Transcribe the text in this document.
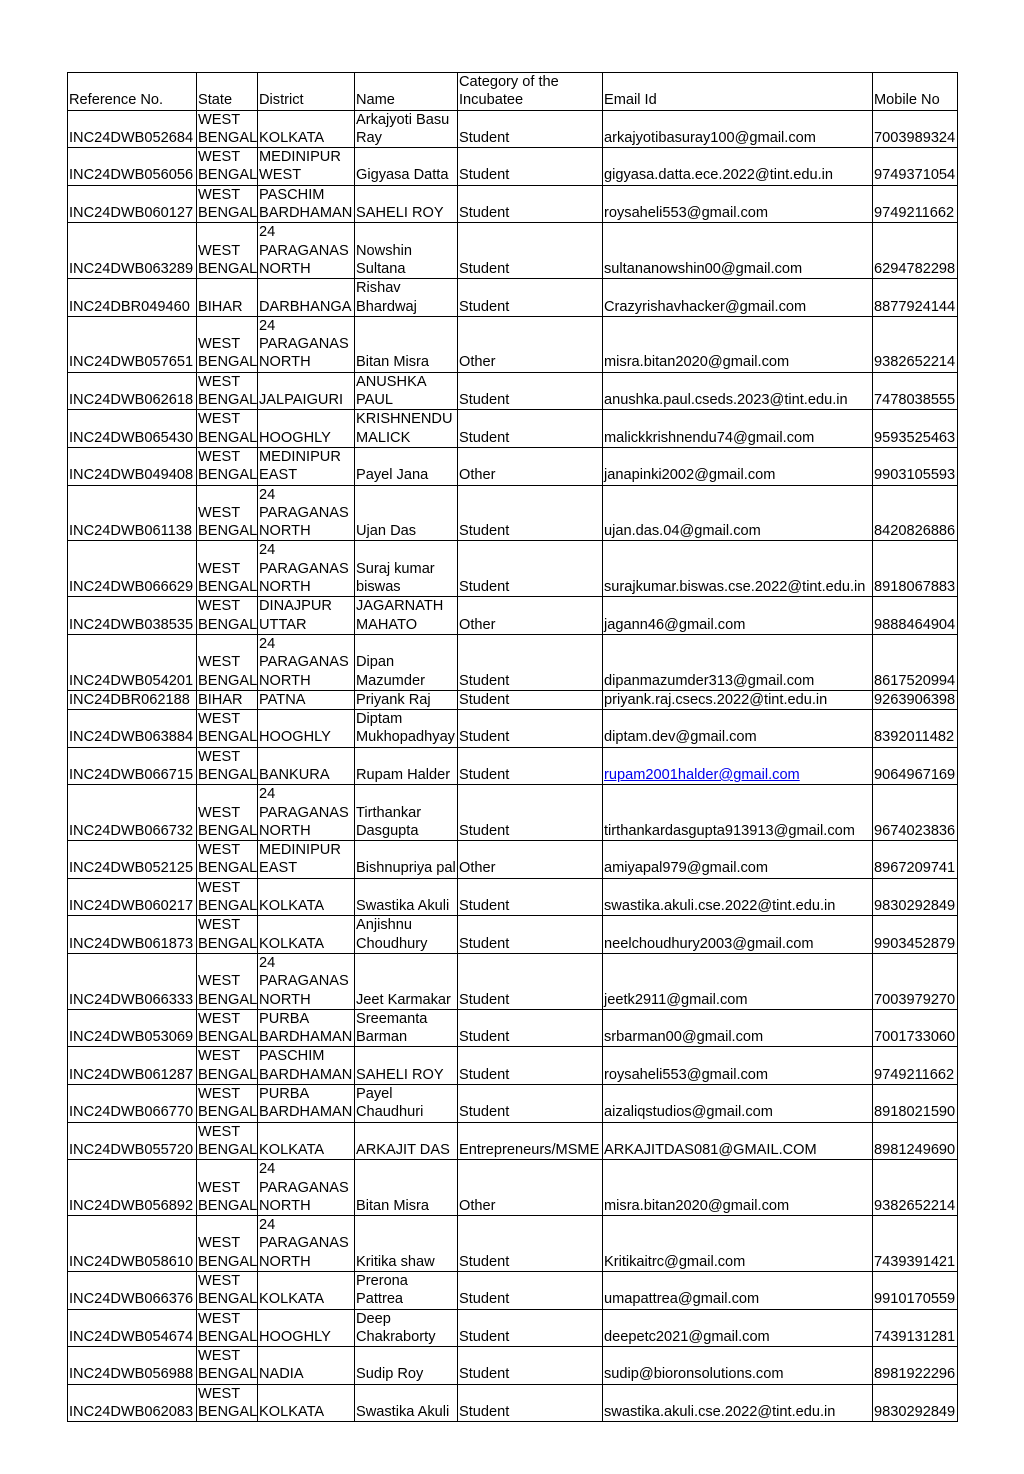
Reference No.	State	District	Name	Category of the Incubatee	Email Id	Mobile No
INC24DWB052684	WEST BENGAL	KOLKATA	Arkajyoti Basu Ray	Student	arkajyotibasuray100@gmail.com	7003989324
INC24DWB056056	WEST BENGAL	MEDINIPUR WEST	Gigyasa Datta	Student	gigyasa.datta.ece.2022@tint.edu.in	9749371054
INC24DWB060127	WEST BENGAL	PASCHIM BARDHAMAN	SAHELI ROY	Student	roysaheli553@gmail.com	9749211662
INC24DWB063289	WEST BENGAL	24 PARAGANAS NORTH	Nowshin Sultana	Student	sultananowshin00@gmail.com	6294782298
INC24DBR049460	BIHAR	DARBHANGA	Rishav Bhardwaj	Student	Crazyrishavhacker@gmail.com	8877924144
INC24DWB057651	WEST BENGAL	24 PARAGANAS NORTH	Bitan Misra	Other	misra.bitan2020@gmail.com	9382652214
INC24DWB062618	WEST BENGAL	JALPAIGURI	ANUSHKA PAUL	Student	anushka.paul.cseds.2023@tint.edu.in	7478038555
INC24DWB065430	WEST BENGAL	HOOGHLY	KRISHNENDU MALICK	Student	malickkrishnendu74@gmail.com	9593525463
INC24DWB049408	WEST BENGAL	MEDINIPUR EAST	Payel Jana	Other	janapinki2002@gmail.com	9903105593
INC24DWB061138	WEST BENGAL	24 PARAGANAS NORTH	Ujan Das	Student	ujan.das.04@gmail.com	8420826886
INC24DWB066629	WEST BENGAL	24 PARAGANAS NORTH	Suraj kumar biswas	Student	surajkumar.biswas.cse.2022@tint.edu.in	8918067883
INC24DWB038535	WEST BENGAL	DINAJPUR UTTAR	JAGARNATH MAHATO	Other	jagann46@gmail.com	9888464904
INC24DWB054201	WEST BENGAL	24 PARAGANAS NORTH	Dipan Mazumder	Student	dipanmazumder313@gmail.com	8617520994
INC24DBR062188	BIHAR	PATNA	Priyank Raj	Student	priyank.raj.csecs.2022@tint.edu.in	9263906398
INC24DWB063884	WEST BENGAL	HOOGHLY	Diptam Mukhopadhyay	Student	diptam.dev@gmail.com	8392011482
INC24DWB066715	WEST BENGAL	BANKURA	Rupam Halder	Student	rupam2001halder@gmail.com	9064967169
INC24DWB066732	WEST BENGAL	24 PARAGANAS NORTH	Tirthankar Dasgupta	Student	tirthankardasgupta913913@gmail.com	9674023836
INC24DWB052125	WEST BENGAL	MEDINIPUR EAST	Bishnupriya pal	Other	amiyapal979@gmail.com	8967209741
INC24DWB060217	WEST BENGAL	KOLKATA	Swastika Akuli	Student	swastika.akuli.cse.2022@tint.edu.in	9830292849
INC24DWB061873	WEST BENGAL	KOLKATA	Anjishnu Choudhury	Student	neelchoudhury2003@gmail.com	9903452879
INC24DWB066333	WEST BENGAL	24 PARAGANAS NORTH	Jeet Karmakar	Student	jeetk2911@gmail.com	7003979270
INC24DWB053069	WEST BENGAL	PURBA BARDHAMAN	Sreemanta Barman	Student	srbarman00@gmail.com	7001733060
INC24DWB061287	WEST BENGAL	PASCHIM BARDHAMAN	SAHELI ROY	Student	roysaheli553@gmail.com	9749211662
INC24DWB066770	WEST BENGAL	PURBA BARDHAMAN	Payel Chaudhuri	Student	aizaliqstudios@gmail.com	8918021590
INC24DWB055720	WEST BENGAL	KOLKATA	ARKAJIT DAS	Entrepreneurs/MSME	ARKAJITDAS081@GMAIL.COM	8981249690
INC24DWB056892	WEST BENGAL	24 PARAGANAS NORTH	Bitan Misra	Other	misra.bitan2020@gmail.com	9382652214
INC24DWB058610	WEST BENGAL	24 PARAGANAS NORTH	Kritika shaw	Student	Kritikaitrc@gmail.com	7439391421
INC24DWB066376	WEST BENGAL	KOLKATA	Prerona Pattrea	Student	umapattrea@gmail.com	9910170559
INC24DWB054674	WEST BENGAL	HOOGHLY	Deep Chakraborty	Student	deepetc2021@gmail.com	7439131281
INC24DWB056988	WEST BENGAL	NADIA	Sudip Roy	Student	sudip@bioronsolutions.com	8981922296
INC24DWB062083	WEST BENGAL	KOLKATA	Swastika Akuli	Student	swastika.akuli.cse.2022@tint.edu.in	9830292849
